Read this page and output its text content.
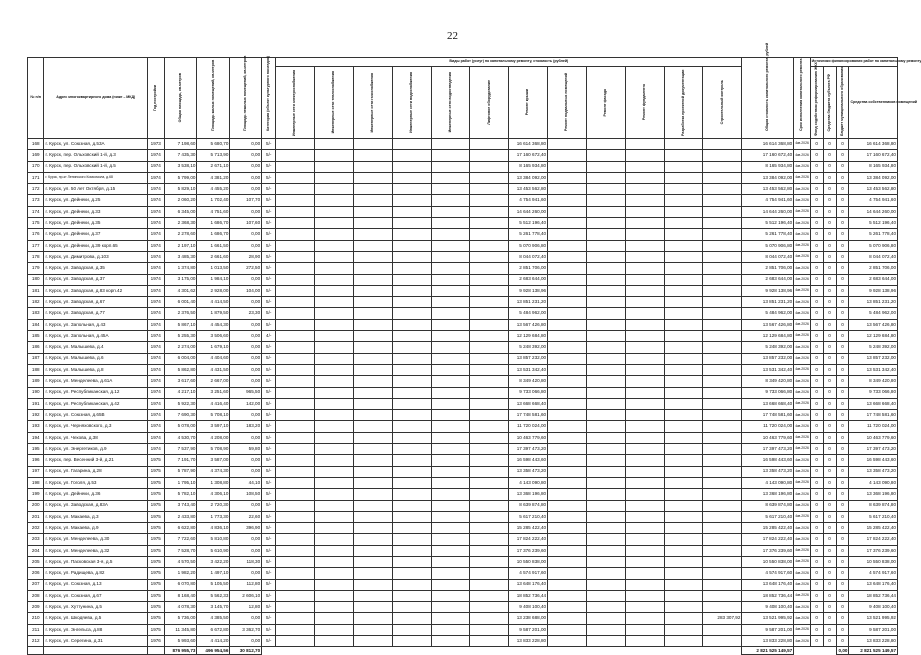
22
№ п/п	Адрес многоквартирного дома (ниже – МКД)	Год постройки	Общая площадь, кв.метров	Площадь жилых помещений, кв.метров	Площадь нежилых помещений, кв.метров	Категория (объект культурного наследия)	Виды работ (услуг) по капитальному ремонту, стоимость (рублей)												Общая стоимость капитального ремонта, рублей	Срок исполнения капитального ремонта	Источники финансирования работ по капитальному ремонту			

							Инженерные сети электроснабжения	Инженерные сети теплоснабжения	Инженерные сети газоснабжения	Инженерные сети водоснабжения	Инженерные сети водоотведения	Лифтовое оборудование	Ремонт крыши	Ремонт подвальных помещений	Ремонт фасада	Ремонт фундамента	Разработка проектной документации	Строительный контроль			Фонд содействия реформированию ЖКХ	Средства бюджета субъекта РФ	Бюджет муниципального образования	Средства собственников помещений
168	г. Курск, ул. Союзная, д.53А	1973	7 198,60	5 680,70	0,00	5/-							16 614 368,80						16 614 368,80	4кв.2026	0	0	0	16 614 368,80
169	г. Курск, пер. Ольховский 1-й, д.3	1974	7 435,30	5 713,90	0,00	5/-							17 160 672,40						17 160 672,40	4кв.2026	0	0	0	17 160 672,40
170	г. Курск, пер. Ольховский 1-й, д.5	1974	3 538,10	2 671,10	0,00	5/-							8 165 934,80						8 165 934,80	4кв.2026	0	0	0	8 165 934,80
171	г. Курск, пр-кт Ленинского Комсомола, д.68	1974	5 799,00	4 381,20	0,00	5/-							13 384 092,00						13 384 092,00	4кв.2026	0	0	0	13 384 092,00
172	г. Курск, ул. 50 лет Октября, д.15	1974	5 829,10	4 455,20	0,00	5/-							13 453 562,80						13 453 562,80	4кв.2026	0	0	0	13 453 562,80
173	г. Курск, ул. Дейнеки, д.25	1974	2 060,20	1 702,40	107,70	5/-							4 754 941,60						4 754 941,60	4кв.2026	0	0	0	4 754 941,60
174	г. Курск, ул. Дейнеки, д.33	1974	6 345,00	4 751,60	0,00	5/-							14 644 260,00						14 644 260,00	4кв.2026	0	0	0	14 644 260,00
175	г. Курск, ул. Дейнеки, д.35	1974	2 368,30	1 686,70	107,60	5/-							5 512 196,40						5 512 196,40	4кв.2026	0	0	0	5 512 196,40
176	г. Курск, ул. Дейнеки, д.37	1974	2 278,60	1 686,70	0,00	5/-							5 261 778,40						5 261 778,40	4кв.2026	0	0	0	5 261 778,40
177	г. Курск, ул. Дейнеки, д.39 корп.65	1974	2 197,10	1 661,50	0,00	5/-							5 070 906,80						5 070 906,80	4кв.2026	0	0	0	5 070 906,80
178	г. Курск, ул. Димитрова, д.103	1974	3 485,30	2 661,60	28,90	5/-							8 044 072,40						8 044 072,40	4кв.2026	0	0	0	8 044 072,40
179	г. Курск, ул. Заводская, д.35	1974	1 374,80	1 013,50	272,50	5/-							2 851 706,00						2 851 706,00	4кв.2026	0	0	0	2 851 706,00
180	г. Курск, ул. Заводская, д.37	1974	3 175,00	1 984,10	0,00	5/-							2 683 644,00						2 683 644,00	4кв.2026	0	0	0	2 683 644,00
181	г. Курск, ул. Заводская, д.83 корп.42	1974	4 301,62	2 928,00	104,00	5/-							9 928 138,96						9 928 138,96	4кв.2026	0	0	0	9 928 138,96
182	г. Курск, ул. Заводская, д.67	1974	6 001,40	4 414,50	0,00	5/-							13 851 231,20						13 851 231,20	4кв.2026	0	0	0	13 851 231,20
183	г. Курск, ул. Заводская, д.77	1974	2 376,50	1 879,50	23,30	5/-							5 484 962,00						5 484 962,00	4кв.2026	0	0	0	5 484 962,00
184	г. Курск, ул. Запольная, д.43	1974	5 867,10	4 454,30	0,00	5/-							13 567 426,80						13 567 426,80	4кв.2026	0	0	0	13 567 426,80
185	г. Курск, ул. Запольная, д.45А	1974	5 255,30	3 506,60	0,00	4/-							12 129 684,80						12 129 684,80	4кв.2026	0	0	0	12 129 684,80
186	г. Курск, ул. Малышева, д.4	1974	2 274,00	1 679,10	0,00	5/-							5 248 392,00						5 248 392,00	4кв.2026	0	0	0	5 248 392,00
187	г. Курск, ул. Малышева, д.6	1974	6 004,00	4 404,60	0,00	5/-							13 857 232,00						13 857 232,00	4кв.2026	0	0	0	13 857 232,00
188	г. Курск, ул. Малышева, д.8	1974	5 862,80	4 431,50	0,00	5/-							13 531 342,40						13 531 342,40	4кв.2026	0	0	0	13 531 342,40
189	г. Курск, ул. Менделеева, д.61А	1974	3 617,60	2 667,00	0,00	5/-							8 349 420,80						8 349 420,80	4кв.2026	0	0	0	8 349 420,80
190	г. Курск, ул. Республиканская, д.12	1974	4 217,10	3 251,60	965,50	5/-							9 733 066,80						9 733 066,80	4кв.2026	0	0	0	9 733 066,80
191	г. Курск, ул. Республиканская, д.42	1974	5 922,30	4 416,40	142,00	5/-							13 668 668,40						13 668 668,40	4кв.2026	0	0	0	13 668 668,40
192	г. Курск, ул. Союзная, д.65В	1974	7 690,30	5 708,10	0,00	5/-							17 748 581,60						17 748 581,60	4кв.2026	0	0	0	17 748 581,60
193	г. Курск, ул. Черняховского, д.3	1974	5 078,00	3 597,10	183,20	5/-							11 720 024,00						11 720 024,00	4кв.2026	0	0	0	11 720 024,00
194	г. Курск, ул. Чехова, д.38	1974	4 530,70	4 208,00	0,00	5/-							10 463 779,60						10 463 779,60	4кв.2026	0	0	0	10 463 779,60
195	г. Курск, ул. Энергетиков, д.9	1974	7 537,90	5 708,90	59,80	5/-							17 397 473,20						17 397 473,20	4кв.2026	0	0	0	17 397 473,20
196	г. Курск, пер. Весенний 3-й, д.21	1975	7 191,70	3 587,00	0,00	5/-							16 598 443,60						16 598 443,60	4кв.2026	0	0	0	16 598 443,60
197	г. Курск, ул. Гагарина, д.28	1975	5 787,90	4 374,30	0,00	5/-							13 358 473,20						13 358 473,20	4кв.2026	0	0	0	13 358 473,20
198	г. Курск, ул. Гоголя, д.53	1975	1 795,10	1 308,80	44,10	5/-							4 143 090,80						4 143 090,80	4кв.2026	0	0	0	4 143 090,80
199	г. Курск, ул. Дейнеки, д.36	1975	5 782,10	4 306,10	108,50	5/-							13 368 196,80						13 368 196,80	4кв.2026	0	0	0	13 368 196,80
200	г. Курск, ул. Заводская, д.83А	1975	3 743,40	2 720,30	0,00	5/-							8 639 874,80						8 639 874,80	4кв.2026	0	0	0	8 639 874,80
201	г. Курск, ул. Макаева, д.3	1975	2 433,80	1 773,30	22,60	5/-							5 617 210,40						5 617 210,40	4кв.2026	0	0	0	5 617 210,40
202	г. Курск, ул. Макаева, д.9	1975	6 622,80	4 836,10	396,90	5/-							15 285 422,40						15 285 422,40	4кв.2026	0	0	0	15 285 422,40
203	г. Курск, ул. Менделеева, д.30	1975	7 722,60	5 810,80	0,00	5/-							17 824 222,40						17 824 222,40	4кв.2026	0	0	0	17 824 222,40
204	г. Курск, ул. Менделеева, д.32	1975	7 528,70	5 610,90	0,00	5/-							17 376 239,60						17 376 239,60	4кв.2026	0	0	0	17 376 239,60
205	г. Курск, ул. Пасковская 3-я, д.5	1975	4 570,50	3 422,20	118,30	5/-							10 550 838,00						10 550 838,00	4кв.2026	0	0	0	10 550 838,00
206	г. Курск, ул. Радищева, д.82	1975	1 982,20	1 497,10	0,00	5/-							4 574 917,60						4 574 917,60	4кв.2026	0	0	0	4 574 917,60
207	г. Курск, ул. Союзная, д.13	1975	6 070,80	5 105,50	112,80	5/-							13 648 176,40						13 648 176,40	4кв.2026	0	0	0	13 648 176,40
208	г. Курск, ул. Союзная, д.67	1975	8 168,40	5 562,33	2 606,10	5/-							18 852 736,44						18 852 736,44	4кв.2026	0	0	0	18 852 736,44
209	г. Курск, ул. Хуттунина, д.5	1975	4 078,30	3 145,70	12,80	5/-							9 408 100,40						9 408 100,40	4кв.2026	0	0	0	9 408 100,40
210	г. Курск, ул. Шкодяева, д.5	1975	5 736,00	4 385,50	0,00	5/-							13 238 688,00					283 307,92	13 521 995,92	4кв.2026	0	0	0	13 521 995,92
211	г. Курск, ул. Энгельса, д.88	1975	11 345,80	6 672,80	3 362,70	5/-							9 587 201,00						9 587 201,00	4кв.2026	0	0	0	9 587 201,00
212	г. Курск, ул. Серегина, д.31	1976	5 993,60	4 414,20	0,00	5/-							13 833 228,80						13 833 228,80	4кв.2026	0	0	0	13 833 228,80
			876 955,73	496 954,56	30 812,70														2 821 525 149,57				0,00	2 821 525 149,57
